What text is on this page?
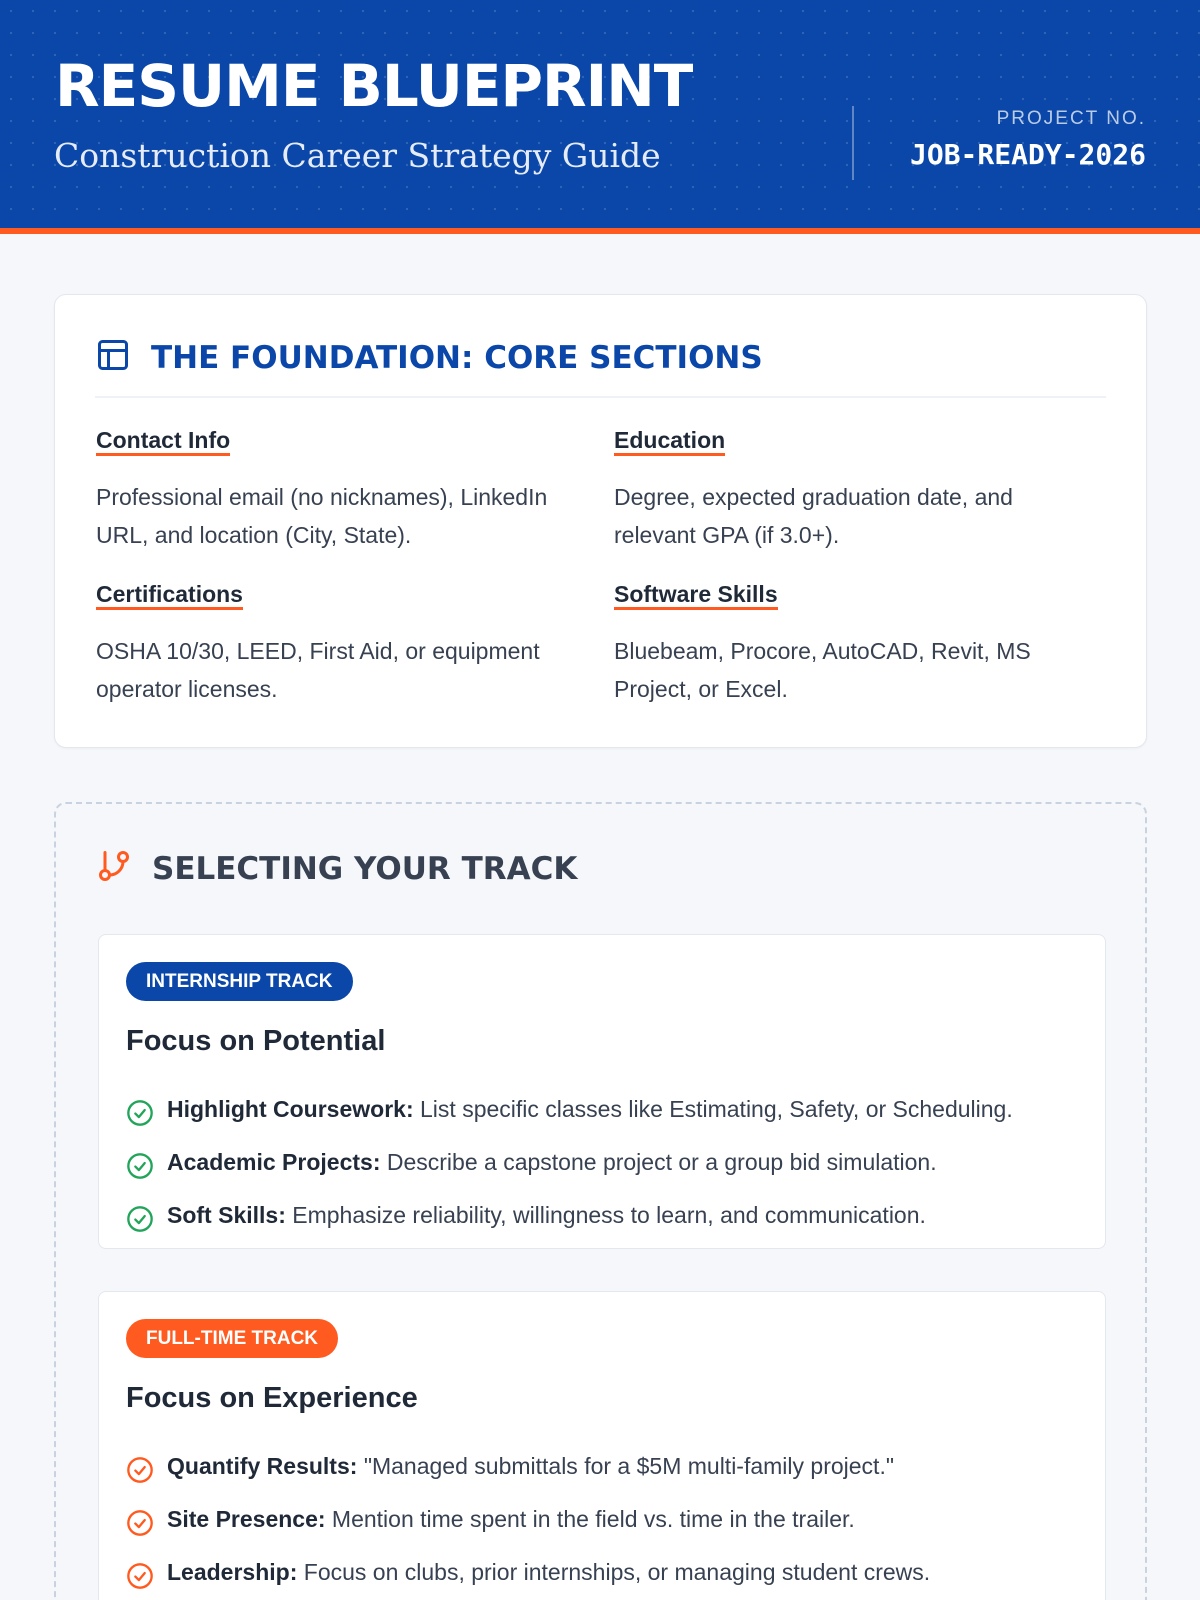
RESUME BLUEPRINT
Construction Career Strategy Guide
PROJECT NO.
JOB-READY-2026
THE FOUNDATION: CORE SECTIONS
Contact Info

Professional email (no nicknames), LinkedIn URL, and location (City, State).

Education

Degree, expected graduation date, and relevant GPA (if 3.0+).

Certifications

OSHA 10/30, LEED, First Aid, or equipment operator licenses.

Software Skills

Bluebeam, Procore, AutoCAD, Revit, MS Project, or Excel.

SELECTING YOUR TRACK
INTERNSHIP TRACK
Focus on Potential
Highlight Coursework: List specific classes like Estimating, Safety, or Scheduling.
Academic Projects: Describe a capstone project or a group bid simulation.
Soft Skills: Emphasize reliability, willingness to learn, and communication.
FULL-TIME TRACK
Focus on Experience
Quantify Results: "Managed submittals for a $5M multi-family project."
Site Presence: Mention time spent in the field vs. time in the trailer.
Leadership: Focus on clubs, prior internships, or managing student crews.
